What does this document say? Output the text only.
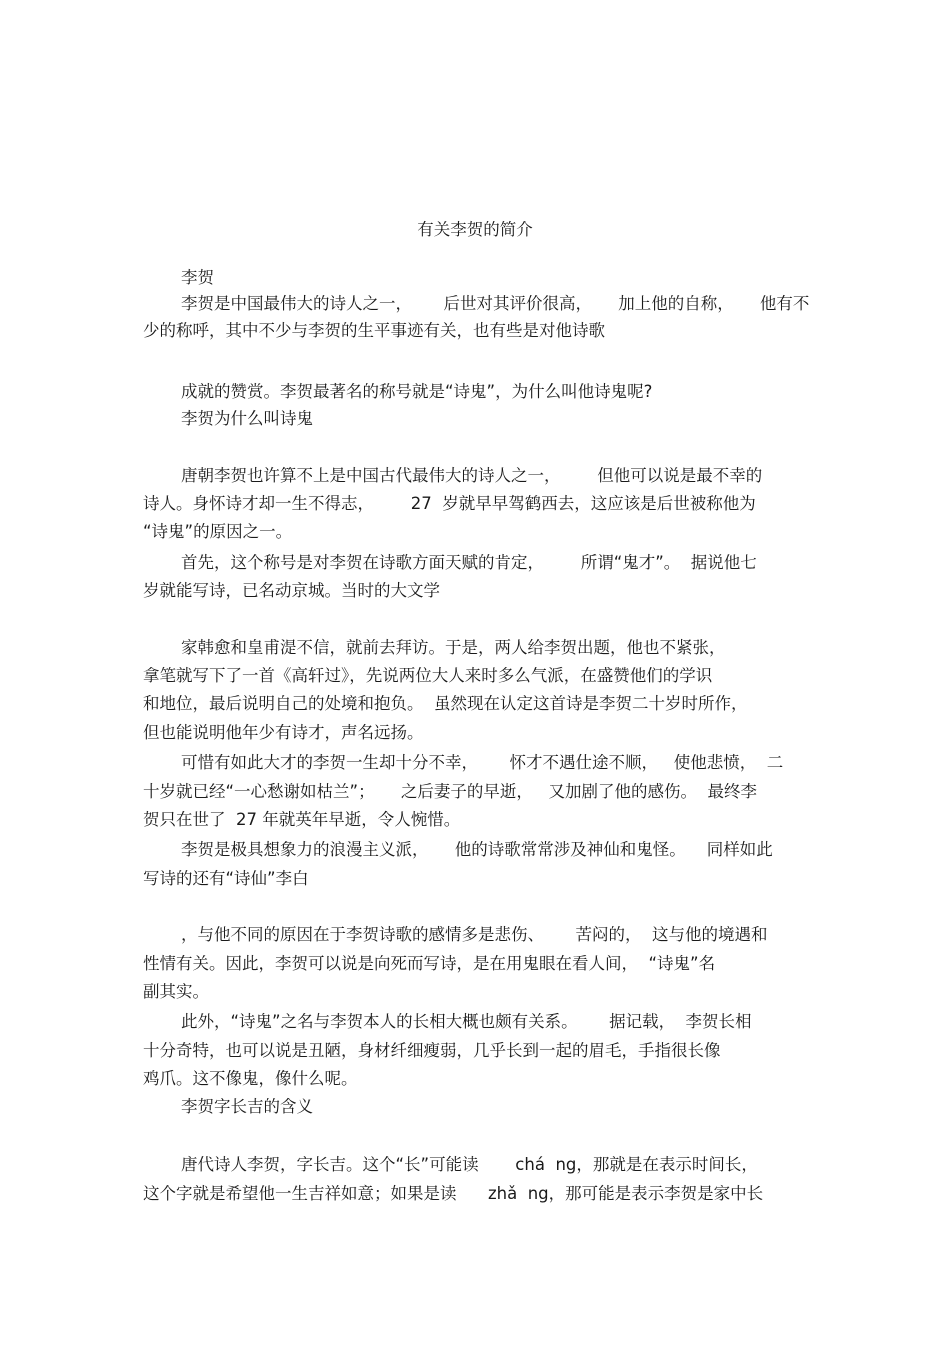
有关李贺的简介
李贺
李贺是中国最伟大的诗人之一，      后世对其评价很高，     加上他的自称，     他有不
少的称呼，其中不少与李贺的生平事迹有关，也有些是对他诗歌
成就的赞赏。李贺最著名的称号就是“诗鬼”，为什么叫他诗鬼呢?
李贺为什么叫诗鬼
唐朝李贺也许算不上是中国古代最伟大的诗人之一，       但他可以说是最不幸的
诗人。身怀诗才却一生不得志，       27  岁就早早驾鹤西去，这应该是后世被称他为
“诗鬼”的原因之一。
首先，这个称号是对李贺在诗歌方面天赋的肯定，       所谓“鬼才”。  据说他七
岁就能写诗，已名动京城。当时的大文学
家韩愈和皇甫湜不信，就前去拜访。于是，两人给李贺出题，他也不紧张，
拿笔就写下了一首《高轩过》，先说两位大人来时多么气派，在盛赞他们的学识
和地位，最后说明自己的处境和抱负。  虽然现在认定这首诗是李贺二十岁时所作，
但也能说明他年少有诗才，声名远扬。
可惜有如此大才的李贺一生却十分不幸，      怀才不遇仕途不顺，   使他悲愤，  二
十岁就已经“一心愁谢如枯兰”；     之后妻子的早逝，   又加剧了他的感伤。  最终李
贺只在世了  27 年就英年早逝，令人惋惜。
李贺是极具想象力的浪漫主义派，     他的诗歌常常涉及神仙和鬼怪。    同样如此
写诗的还有“诗仙”李白
，与他不同的原因在于李贺诗歌的感情多是悲伤、      苦闷的，  这与他的境遇和
性情有关。因此，李贺可以说是向死而写诗，是在用鬼眼在看人间，  “诗鬼”名
副其实。
此外，“诗鬼”之名与李贺本人的长相大概也颇有关系。      据记载，  李贺长相
十分奇特，也可以说是丑陋，身材纤细瘦弱，几乎长到一起的眉毛，手指很长像
鸡爪。这不像鬼，像什么呢。
李贺字长吉的含义
唐代诗人李贺，字长吉。这个“长”可能读       chá  ng，那就是在表示时间长，
这个字就是希望他一生吉祥如意；如果是读      zhǎ  ng，那可能是表示李贺是家中长
